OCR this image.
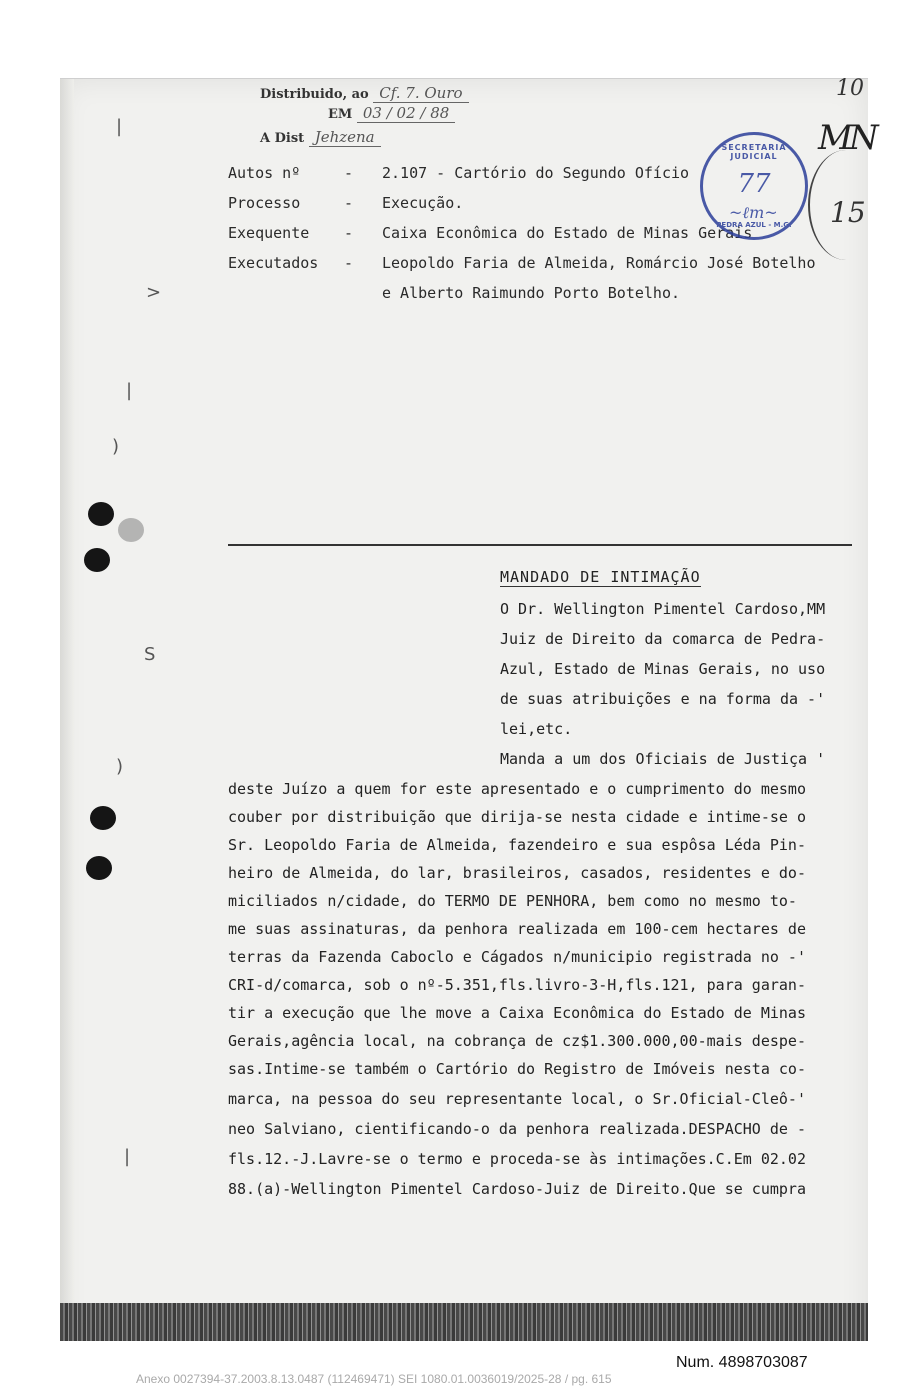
|
>
|
)
S
)
|
Distribuido, ao Cf. 7. Ouro
EM 03 / 02 / 88
A Dist Jehzena
Autos nº	- 2.107 - Cartório do Segundo Ofício
Processo	- Execução.
Exequente - Caixa Econômica do Estado de Minas Gerais
Executados - Leopoldo Faria de Almeida, Romárcio José Botelho
e Alberto Raimundo Porto Botelho.
SECRETARIA JUDICIAL
77
~ℓm~
PEDRA AZUL - M.G.	15
10
MN
MANDADO DE INTIMAÇÃO
O Dr. Wellington Pimentel Cardoso,MM
Juiz de Direito da comarca de Pedra-
Azul, Estado de Minas Gerais, no uso
de suas atribuições e na forma da -'
lei,etc.
Manda a um dos Oficiais de Justiça '
deste Juízo a quem for este apresentado e o cumprimento do mesmo
couber por distribuição que dirija-se nesta cidade e intime-se o
Sr. Leopoldo Faria de Almeida, fazendeiro e sua espôsa Léda Pin-
heiro de Almeida, do lar, brasileiros, casados, residentes e do-
miciliados n/cidade, do TERMO DE PENHORA, bem como no mesmo to-
me suas assinaturas, da penhora realizada em 100-cem hectares de
terras da Fazenda Caboclo e Cágados n/municipio registrada no -'
CRI-d/comarca, sob o nº-5.351,fls.livro-3-H,fls.121, para garan-
tir a execução que lhe move a Caixa Econômica do Estado de Minas
Gerais,agência local, na cobrança de cz$1.300.000,00-mais despe-
sas.Intime-se também o Cartório do Registro de Imóveis nesta co-
marca, na pessoa do seu representante local, o Sr.Oficial-Cleô-'
neo Salviano, cientificando-o da penhora realizada.DESPACHO de -
fls.12.-J.Lavre-se o termo e proceda-se às intimações.C.Em 02.02
88.(a)-Wellington Pimentel Cardoso-Juiz de Direito.Que se cumpra
Num. 4898703087
Anexo 0027394-37.2003.8.13.0487 (112469471) SEI 1080.01.0036019/2025-28 / pg. 615
